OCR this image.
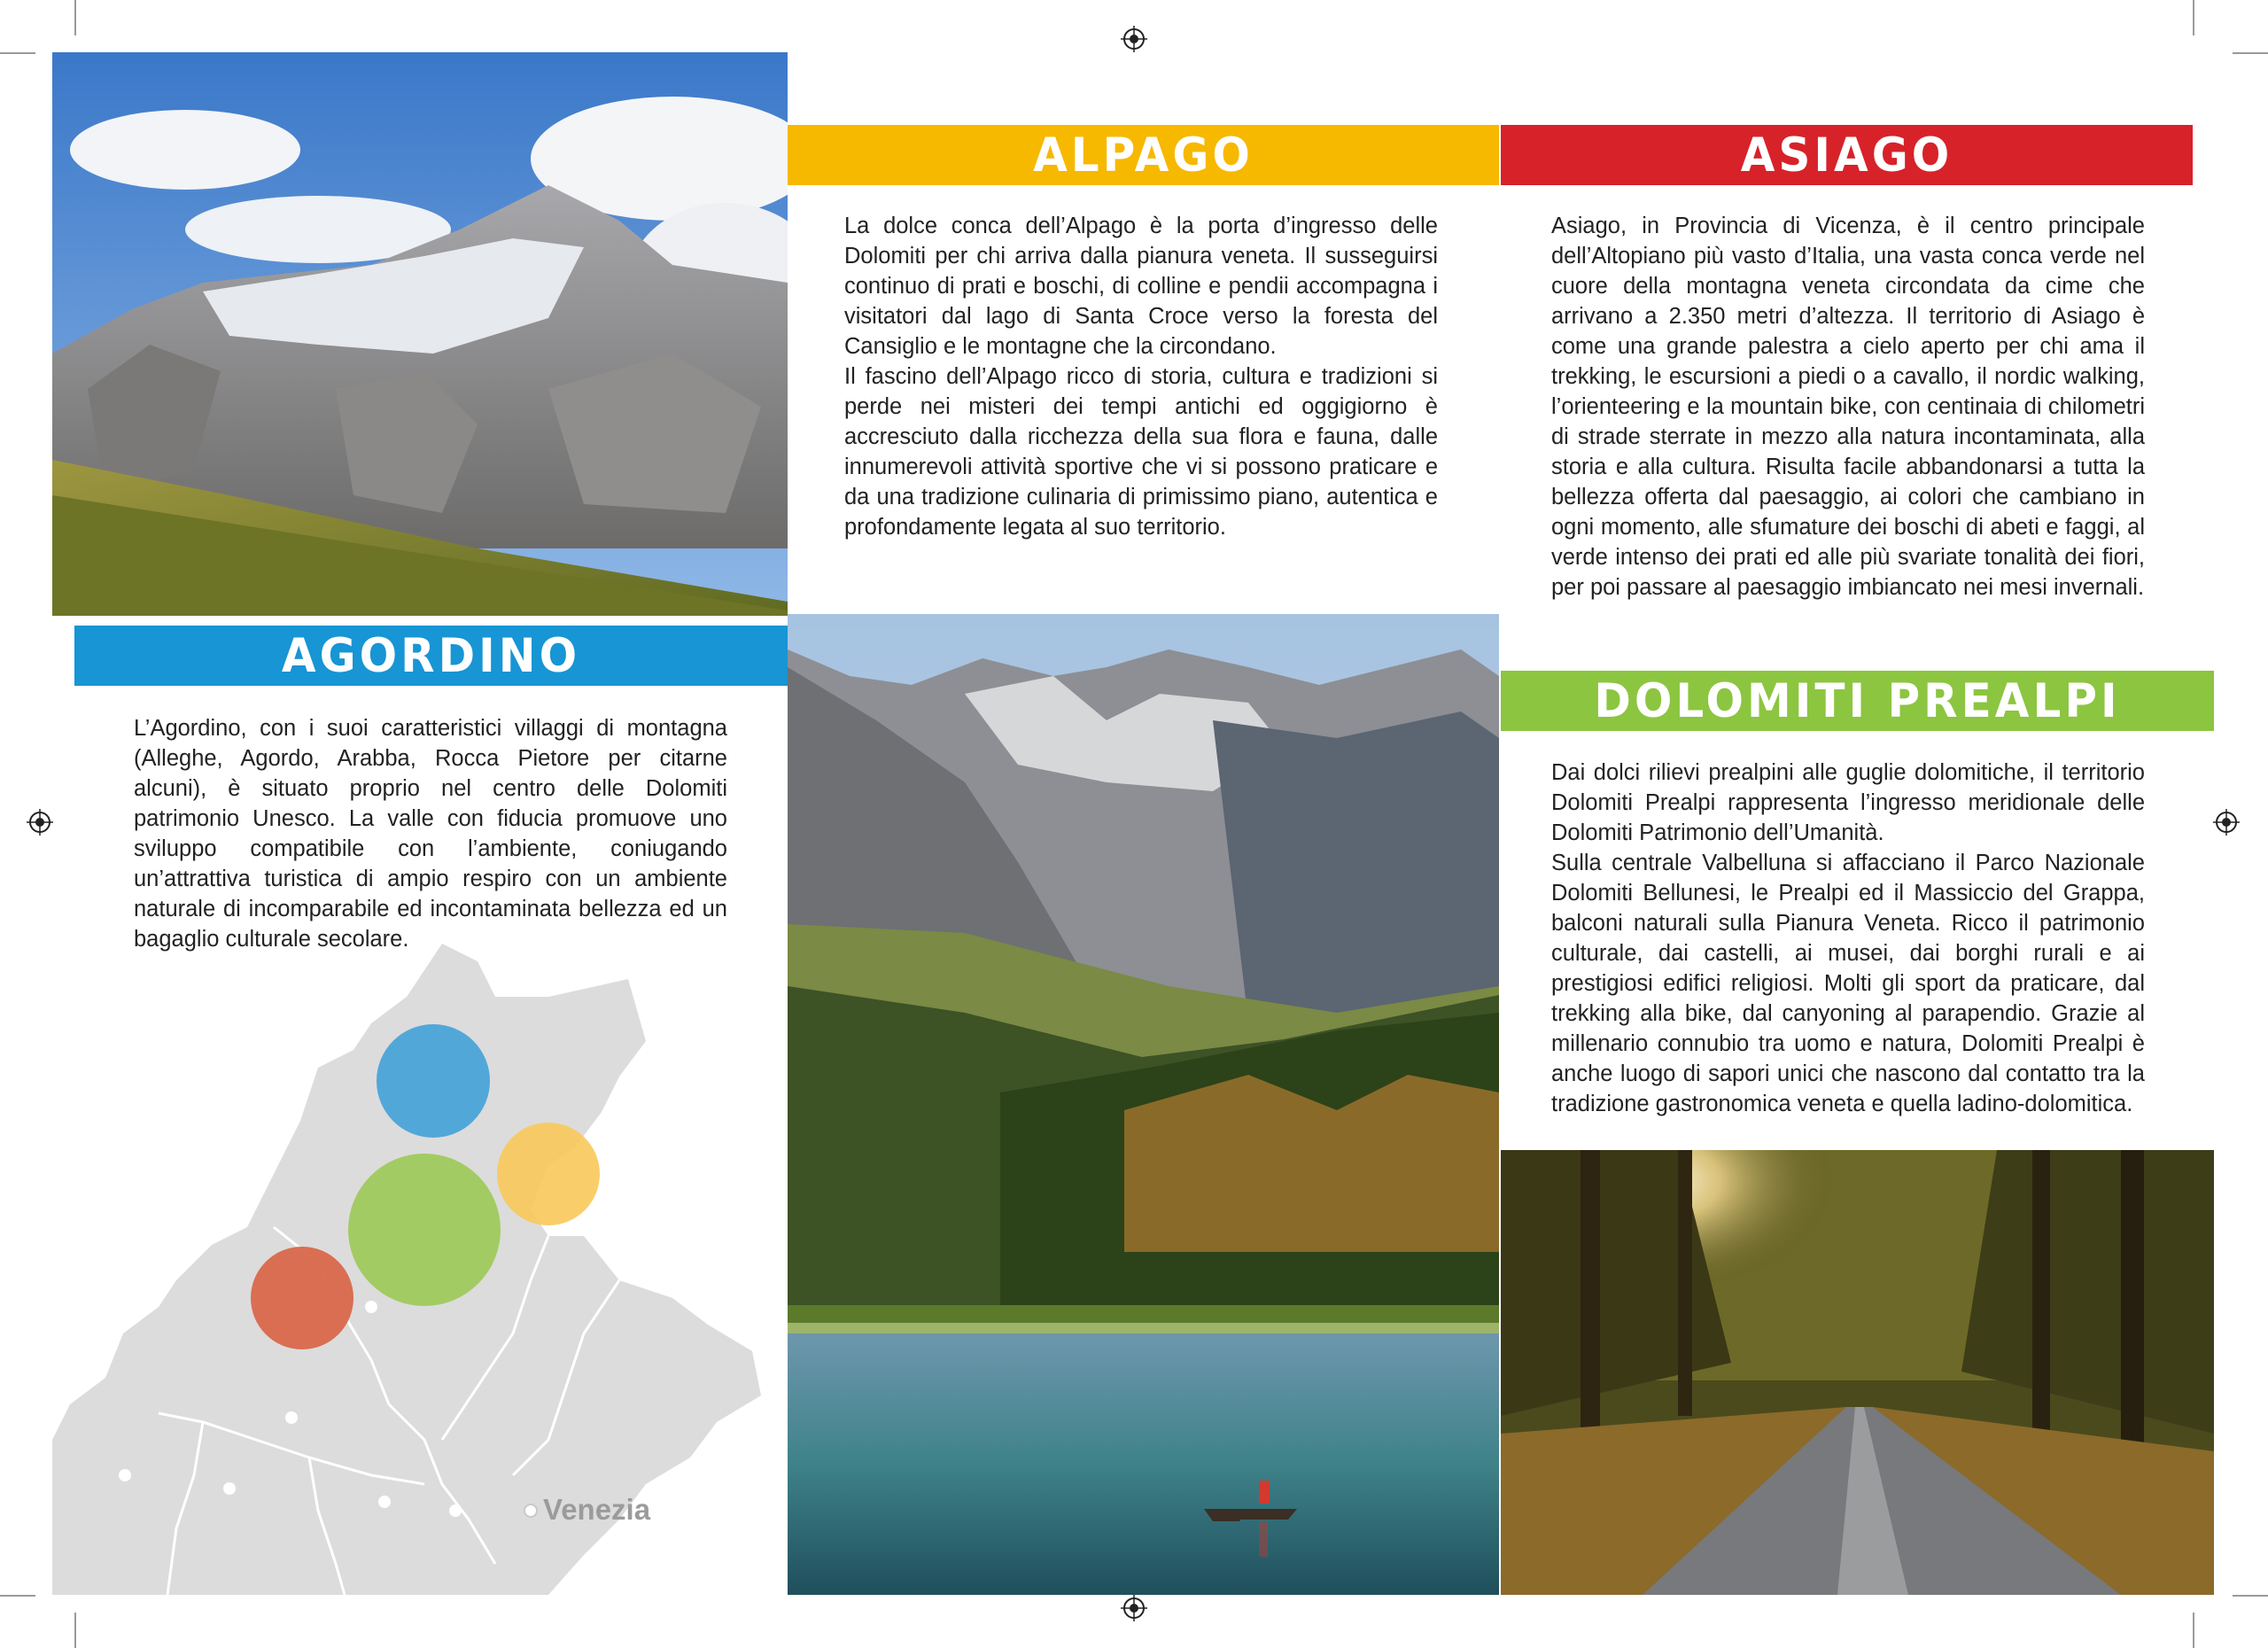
Venezia
ALPAGO	ASIAGO
AGORDINO
DOLOMITI PREALPI

La dolce conca dell’Alpago è la porta d’ingresso delle Dolomiti per chi arriva dalla pianura veneta. Il susseguirsi continuo di prati e boschi, di colline e pendii accompagna i visitatori dal lago di Santa Croce verso la foresta del Cansiglio e le montagne che la circondano.

Il fascino dell’Alpago ricco di storia, cultura e tradizioni si perde nei misteri dei tempi antichi ed oggigiorno è accresciuto dalla ricchezza della sua flora e fauna, dalle innumerevoli attività sportive che vi si possono praticare e da una tradizione culinaria di primissimo piano, autentica e profondamente legata al suo territorio.

Asiago, in Provincia di Vicenza, è il centro principale dell’Altopiano più vasto d’Italia, una vasta conca verde nel cuore della montagna veneta circondata da cime che arrivano a 2.350 metri d’altezza. Il territorio di Asiago è come una grande palestra a cielo aperto per chi ama il trekking, le escursioni a piedi o a cavallo, il nordic walking, l’orienteering e la mountain bike, con centinaia di chilometri di strade sterrate in mezzo alla natura incontaminata, alla storia e alla cultura. Risulta facile abbandonarsi a tutta la bellezza offerta dal paesaggio, ai colori che cambiano in ogni momento, alle sfumature dei boschi di abeti e faggi, al verde intenso dei prati ed alle più svariate tonalità dei fiori, per poi passare al paesaggio imbiancato nei mesi invernali.

L’Agordino, con i suoi caratteristici villaggi di montagna (Alleghe, Agordo, Arabba, Rocca Pietore per citarne alcuni), è situato proprio nel centro delle Dolomiti patrimonio Unesco. La valle con fiducia promuove uno sviluppo compatibile con l’ambiente, coniugando un’attrattiva turistica di ampio respiro con un ambiente naturale di incomparabile ed incontaminata bellezza ed un bagaglio culturale secolare.

Dai dolci rilievi prealpini alle guglie dolomitiche, il territorio Dolomiti Prealpi rappresenta l’ingresso meridionale delle Dolomiti Patrimonio dell’Umanità.

Sulla centrale Valbelluna si affacciano il Parco Nazionale Dolomiti Bellunesi, le Prealpi ed il Massiccio del Grappa, balconi naturali sulla Pianura Veneta. Ricco il patrimonio culturale, dai castelli, ai musei, dai borghi rurali e ai prestigiosi edifici religiosi. Molti gli sport da praticare, dal trekking alla bike, dal canyoning al parapendio. Grazie al millenario connubio tra uomo e natura, Dolomiti Prealpi è anche luogo di sapori unici che nascono dal contatto tra la tradizione gastronomica veneta e quella ladino-dolomitica.
